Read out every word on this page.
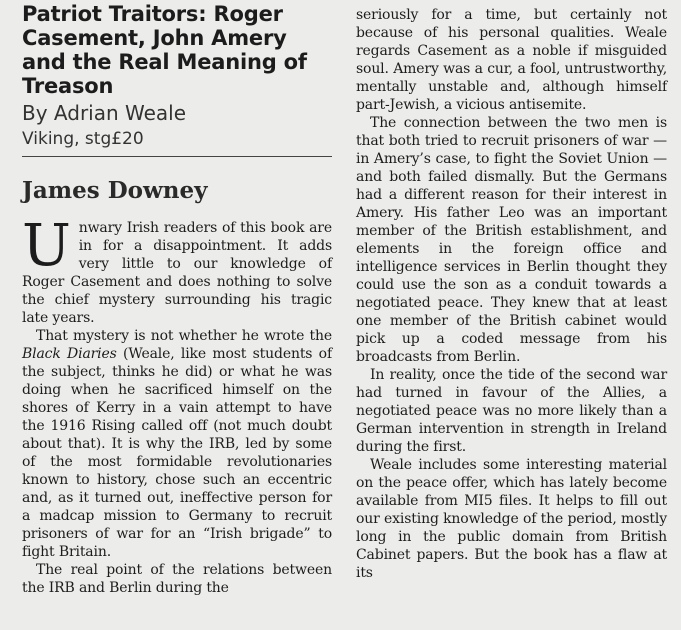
Patriot Traitors: Roger Casement, John Amery and the Real Meaning of Treason

By Adrian Weale

Viking, stg£20

James Downey

Unwary Irish readers of this book are in for a disappointment. It adds very little to our knowledge of Roger Casement and does nothing to solve the chief mystery surrounding his tragic late years.

That mystery is not whether he wrote the Black Diaries (Weale, like most students of the subject, thinks he did) or what he was doing when he sacrificed himself on the shores of Kerry in a vain attempt to have the 1916 Rising called off (not much doubt about that). It is why the IRB, led by some of the most formidable revolutionaries known to history, chose such an eccentric and, as it turned out, ineffective person for a madcap mission to Germany to recruit prisoners of war for an “Irish brigade” to fight Britain.

The real point of the relations between the IRB and Berlin during the

seriously for a time, but certainly not because of his personal qualities. Weale regards Casement as a noble if misguided soul. Amery was a cur, a fool, untrustworthy, mentally unstable and, although himself part-Jewish, a vicious antisemite.

The connection between the two men is that both tried to recruit prisoners of war — in Amery’s case, to fight the Soviet Union — and both failed dismally. But the Germans had a different reason for their interest in Amery. His father Leo was an important member of the British establishment, and elements in the foreign office and intelligence services in Berlin thought they could use the son as a conduit towards a negotiated peace. They knew that at least one member of the British cabinet would pick up a coded message from his broadcasts from Berlin.

In reality, once the tide of the second war had turned in favour of the Allies, a negotiated peace was no more likely than a German intervention in strength in Ireland during the first.

Weale includes some interesting material on the peace offer, which has lately become available from MI5 files. It helps to fill out our existing knowledge of the period, mostly long in the public domain from British Cabinet papers. But the book has a flaw at its
